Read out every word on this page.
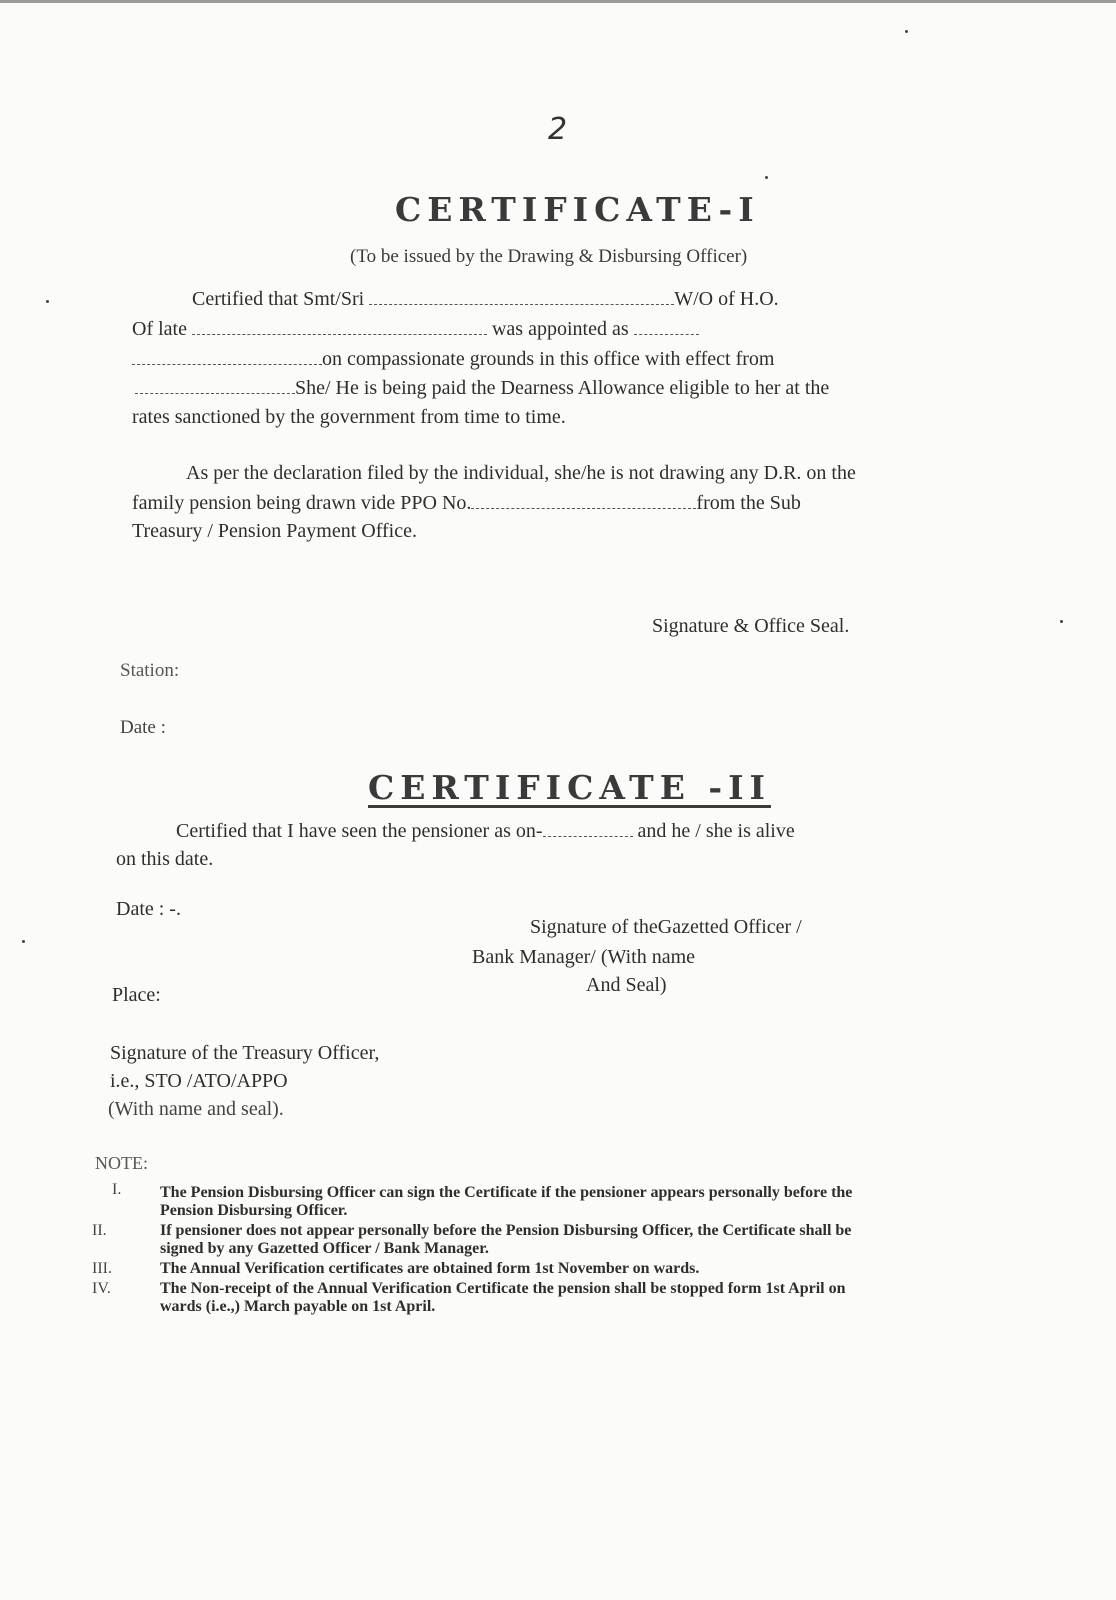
2
CERTIFICATE-I
(To be issued by the Drawing & Disbursing Officer)
Certified that Smt/Sri	W/O of H.O.
Of late	was appointed as
on compassionate grounds in this office with effect from
She/ He is being paid the Dearness Allowance eligible to her at the
rates sanctioned by the government from time to time.
As per the declaration filed by the individual, she/he is not drawing any D.R. on the
family pension being drawn vide PPO No.	from the Sub
Treasury / Pension Payment Office.
Signature & Office Seal.
Station:
Date :
CERTIFICATE -II
Certified that I have seen the pensioner as on-	and he / she is alive
on this date.
Date : -.
Signature of theGazetted Officer /
Bank Manager/ (With name
And Seal)
Place:
Signature of the Treasury Officer,
i.e., STO /ATO/APPO
(With name and seal).
NOTE:
I. The Pension Disbursing Officer can sign the Certificate if the pensioner appears personally before the
Pension Disbursing Officer.
II.	If pensioner does not appear personally before the Pension Disbursing Officer, the Certificate shall be
signed by any Gazetted Officer / Bank Manager.
III.	The Annual Verification certificates are obtained form 1st November on wards.
IV.	The Non-receipt of the Annual Verification Certificate the pension shall be stopped form 1st April on
wards (i.e.,) March payable on 1st April.
